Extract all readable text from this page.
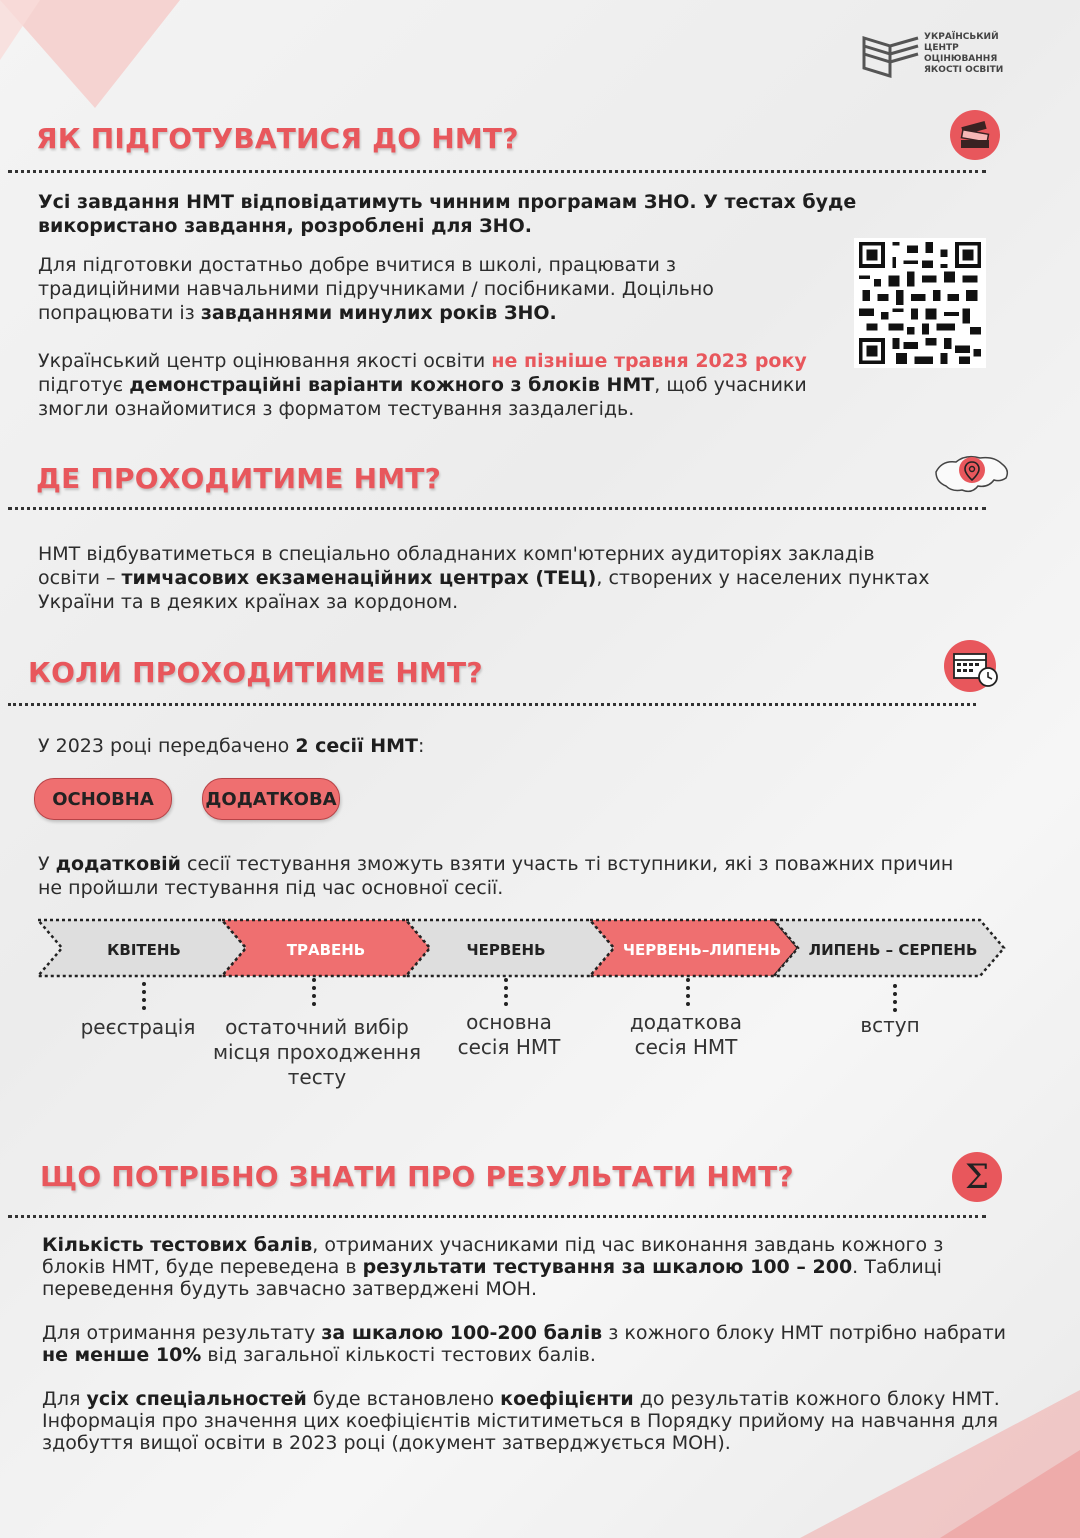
УКРАЇНСЬКИЙ
ЦЕНТР
ОЦІНЮВАННЯ
ЯКОСТІ ОСВІТИ
ЯК ПІДГОТУВАТИСЯ ДО НМТ?

Усі завдання НМТ відповідатимуть чинним програмам ЗНО. У тестах буде використано завдання, розроблені для ЗНО.

Для підготовки достатньо добре вчитися в школі, працювати з традиційними навчальними підручниками / посібниками. Доцільно попрацювати із завданнями минулих років ЗНО.

Український центр оцінювання якості освіти не пізніше травня 2023 року підготує демонстраційні варіанти кожного з блоків НМТ, щоб учасники змогли ознайомитися з форматом тестування заздалегідь.

ДЕ ПРОХОДИТИМЕ НМТ?

НМТ відбуватиметься в спеціально обладнаних комп'ютерних аудиторіях закладів освіти – тимчасових екзаменаційних центрах (ТЕЦ), створених у населених пунктах України та в деяких країнах за кордоном.

КОЛИ ПРОХОДИТИМЕ НМТ?

У 2023 році передбачено 2 сесії НМТ:

ОСНОВНА	ДОДАТКОВА

У додатковій сесії тестування зможуть взяти участь ті вступники, які з поважних причин не пройшли тестування під час основної сесії.

КВІТЕНЬ	ТРАВЕНЬ	ЧЕРВЕНЬ	ЧЕРВЕНЬ–ЛИПЕНЬ ЛИПЕНЬ – СЕРПЕНЬ
реєстрація	остаточний вибір місця проходження тесту
основна сесія НМТ
додаткова сесія НМТ
вступ
ЩО ПОТРІБНО ЗНАТИ ПРО РЕЗУЛЬТАТИ НМТ?	Σ

Кількість тестових балів, отриманих учасниками під час виконання завдань кожного з блоків НМТ, буде переведена в результати тестування за шкалою 100 – 200. Таблиці переведення будуть завчасно затверджені МОН.

Для отримання результату за шкалою 100-200 балів з кожного блоку НМТ потрібно набрати не менше 10% від загальної кількості тестових балів.

Для усіх спеціальностей буде встановлено коефіцієнти до результатів кожного блоку НМТ. Інформація про значення цих коефіцієнтів міститиметься в Порядку прийому на навчання для здобуття вищої освіти в 2023 році (документ затверджується МОН).
